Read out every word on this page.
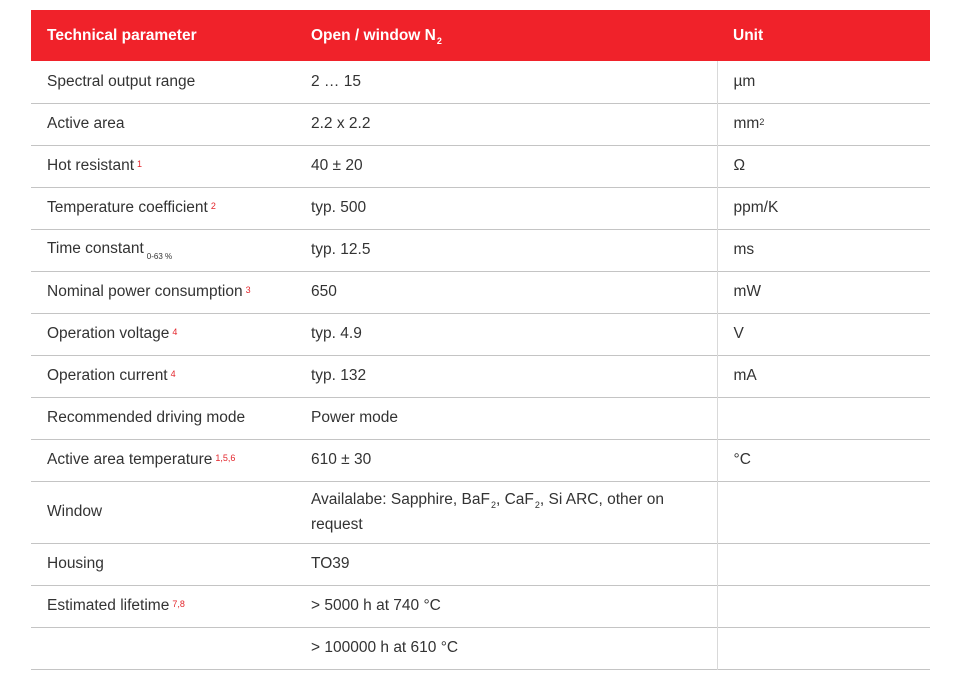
Technical parameter	Open / window $N_2$	Unit
Spectral output range	2 … 15	µm
Active area	2.2 x 2.2	$mm^2$
Hot resistant $^1$	40 ± 20	Ω
Temperature coefficient $^2$	typ. 500	ppm/K
Time constant $_{0-63 \%}$	typ. 12.5	ms
Nominal power consumption $^3$	650	mW
Operation voltage $^4$	typ. 4.9	V
Operation current $^4$	typ. 132	mA
Recommended driving mode	Power mode	
Active area temperature $^{1,5,6}$	610 ± 30	°C
Window	Availalabe: Sapphire, BaF$_2$, CaF$_2$, Si ARC, other on request	
Housing	TO39	
Estimated lifetime $^{7,8}$	> 5000 h at 740 °C	
	> 100000 h at 610 °C	
